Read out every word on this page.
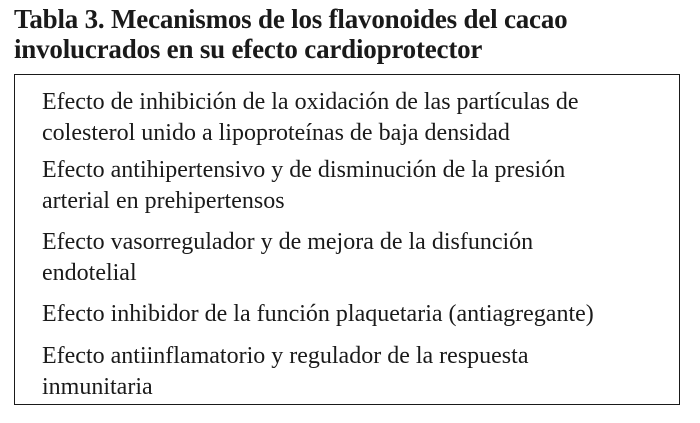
Tabla 3. Mecanismos de los flavonoides del cacao
involucrados en su efecto cardioprotector
Efecto de inhibición de la oxidación de las partículas de
colesterol unido a lipoproteínas de baja densidad
Efecto antihipertensivo y de disminución de la presión
arterial en prehipertensos
Efecto vasorregulador y de mejora de la disfunción
endotelial
Efecto inhibidor de la función plaquetaria (antiagregante)
Efecto antiinflamatorio y regulador de la respuesta
inmunitaria
